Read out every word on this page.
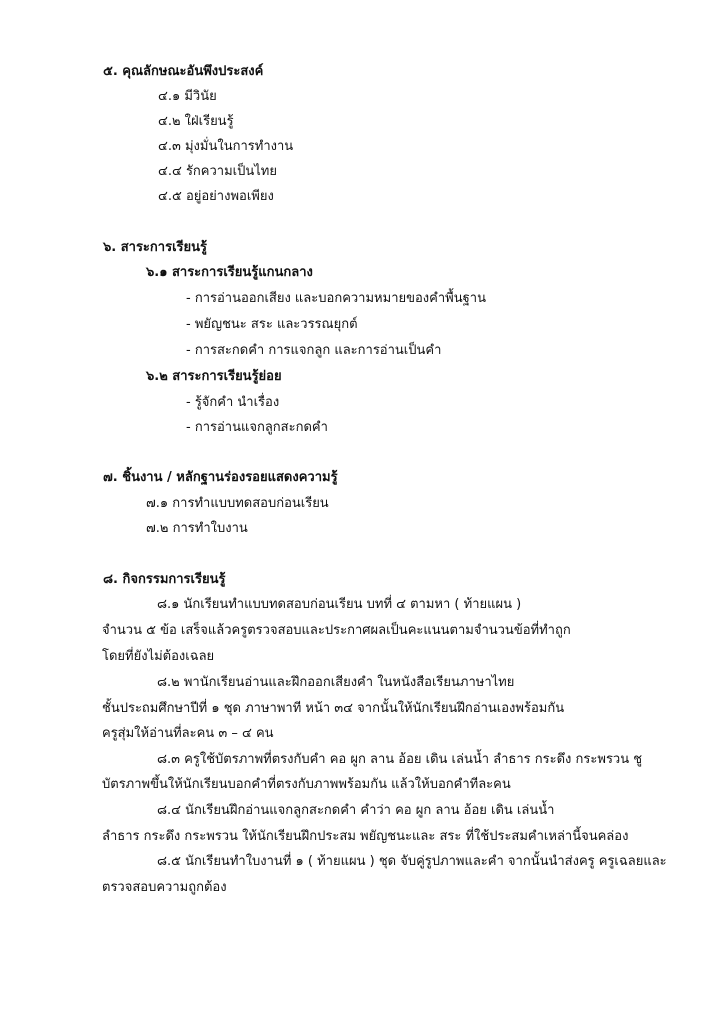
๕. คุณลักษณะอันพึงประสงค์
๔.๑ มีวินัย
๔.๒ ใฝ่เรียนรู้
๔.๓ มุ่งมั่นในการทำงาน
๔.๔ รักความเป็นไทย
๔.๕ อยู่อย่างพอเพียง
๖. สาระการเรียนรู้
๖.๑ สาระการเรียนรู้แกนกลาง
- การอ่านออกเสียง และบอกความหมายของคำพื้นฐาน
- พยัญชนะ สระ และวรรณยุกต์
- การสะกดคำ การแจกลูก และการอ่านเป็นคำ
๖.๒ สาระการเรียนรู้ย่อย
- รู้จักคำ นำเรื่อง
- การอ่านแจกลูกสะกดคำ
๗. ชิ้นงาน / หลักฐานร่องรอยแสดงความรู้
๗.๑ การทำแบบทดสอบก่อนเรียน
๗.๒ การทำใบงาน
๘. กิจกรรมการเรียนรู้
๘.๑ นักเรียนทำแบบทดสอบก่อนเรียน บทที่ ๔ ตามหา ( ท้ายแผน )
จำนวน ๕ ข้อ เสร็จแล้วครูตรวจสอบและประกาศผลเป็นคะแนนตามจำนวนข้อที่ทำถูก
โดยที่ยังไม่ต้องเฉลย
๘.๒ พานักเรียนอ่านและฝึกออกเสียงคำ ในหนังสือเรียนภาษาไทย
ชั้นประถมศึกษาปีที่ ๑ ชุด ภาษาพาที หน้า ๓๔ จากนั้นให้นักเรียนฝึกอ่านเองพร้อมกัน
ครูสุ่มให้อ่านที่ละคน ๓ – ๔ คน
๘.๓ ครูใช้บัตรภาพที่ตรงกับคำ คอ ผูก ลาน อ้อย เดิน เล่นน้ำ ลำธาร กระดึง กระพรวน ชู
บัตรภาพขึ้นให้นักเรียนบอกคำที่ตรงกับภาพพร้อมกัน แล้วให้บอกคำทีละคน
๘.๔ นักเรียนฝึกอ่านแจกลูกสะกดคำ คำว่า คอ ผูก ลาน อ้อย เดิน เล่นน้ำ
ลำธาร กระดึง กระพรวน ให้นักเรียนฝึกประสม พยัญชนะและ สระ ที่ใช้ประสมคำเหล่านี้จนคล่อง
๘.๕ นักเรียนทำใบงานที่ ๑ ( ท้ายแผน ) ชุด จับคู่รูปภาพและคำ จากนั้นนำส่งครู ครูเฉลยและ
ตรวจสอบความถูกต้อง
